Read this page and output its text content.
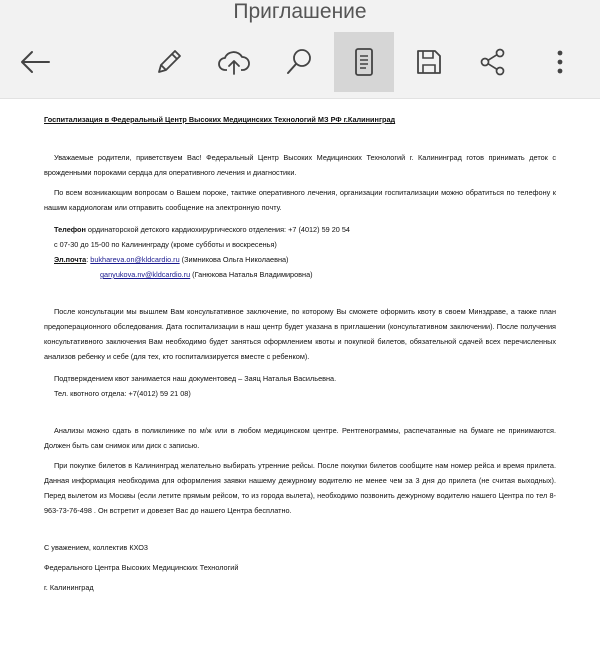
Приглашение

Госпитализация в Федеральный Центр Высоких Медицинских Технологий МЗ РФ г.Калининград

Уважаемые родители, приветствуем Вас! Федеральный Центр Высоких Медицинских Технологий г. Калининград готов принимать деток с врожденными пороками сердца для оперативного лечения и диагностики.

По всем возникающим вопросам о Вашем пороке, тактике оперативного лечения, организации госпитализации можно обратиться по телефону к нашим кардиологам или отправить сообщение на электронную почту.

Телефон ординаторской детского кардиохирургического отделения: +7 (4012) 59 20 54

с 07-30 до 15-00 по Калининграду (кроме субботы и воскресенья)

Эл.почта: bukhareva.on@kldcardio.ru (Зимникова Ольга Николаевна)

ganyukova.nv@kldcardio.ru (Ганюкова Наталья Владимировна)

После консультации мы вышлем Вам консультативное заключение, по которому Вы сможете оформить квоту в своем Минздраве, а также план предоперационного обследования. Дата госпитализации в наш центр будет указана в приглашении (консультативном заключении). После получения консультативного заключения Вам необходимо будет заняться оформлением квоты и покупкой билетов, обязательной сдачей всех перечисленных анализов ребенку и себе (для тех, кто госпитализируется вместе с ребенком).

Подтверждением квот занимается наш документовед – Заяц Наталья Васильевна.

Тел. квотного отдела: +7(4012) 59 21 08)

Анализы можно сдать в поликлинике по м/ж или в любом медицинском центре. Рентгенограммы, распечатанные на бумаге не принимаются. Должен быть сам снимок или диск с записью.

При покупке билетов в Калининград желательно выбирать утренние рейсы. После покупки билетов сообщите нам номер рейса и время прилета. Данная информация необходима для оформления заявки нашему дежурному водителю не менее чем за 3 дня до прилета (не считая выходных). Перед вылетом из Москвы (если летите прямым рейсом, то из города вылета), необходимо позвонить дежурному водителю нашего Центра по тел 8-963-73-76-498 . Он встретит и довезет Вас до нашего Центра бесплатно.

С уважением, коллектив КХО3

Федерального Центра Высоких Медицинских Технологий

г. Калининград
